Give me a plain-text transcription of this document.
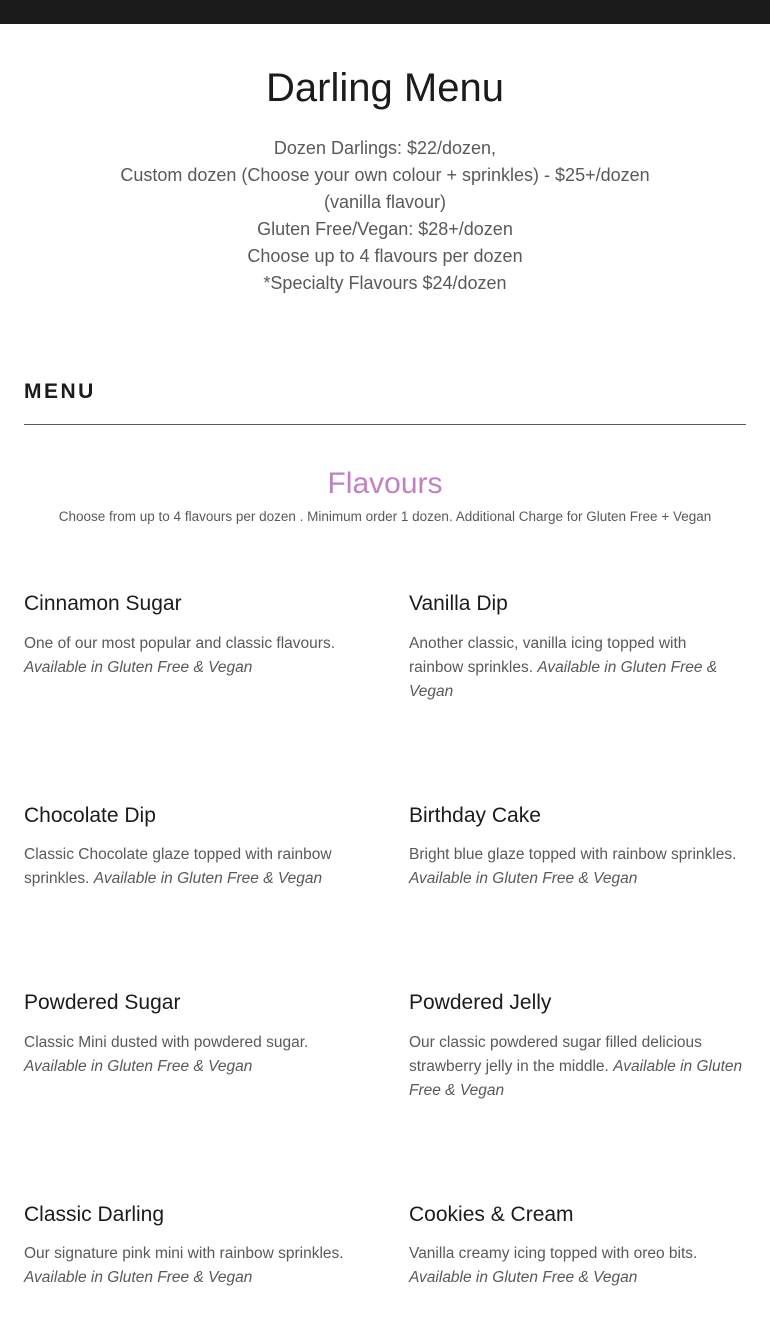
Darling Menu
Dozen Darlings: $22/dozen,
Custom dozen (Choose your own colour + sprinkles) - $25+/dozen (vanilla flavour)
Gluten Free/Vegan: $28+/dozen
Choose up to 4 flavours per dozen
*Specialty Flavours $24/dozen
MENU
Flavours
Choose from up to 4 flavours per dozen . Minimum order 1 dozen. Additional Charge for Gluten Free + Vegan
Cinnamon Sugar
One of our most popular and classic flavours. Available in Gluten Free & Vegan
Vanilla Dip
Another classic, vanilla icing topped with rainbow sprinkles. Available in Gluten Free & Vegan
Chocolate Dip
Classic Chocolate glaze topped with rainbow sprinkles. Available in Gluten Free & Vegan
Birthday Cake
Bright blue glaze topped with rainbow sprinkles. Available in Gluten Free & Vegan
Powdered Sugar
Classic Mini dusted with powdered sugar. Available in Gluten Free & Vegan
Powdered Jelly
Our classic powdered sugar filled delicious strawberry jelly in the middle. Available in Gluten Free & Vegan
Classic Darling
Our signature pink mini with rainbow sprinkles. Available in Gluten Free & Vegan
Cookies & Cream
Vanilla creamy icing topped with oreo bits. Available in Gluten Free & Vegan
